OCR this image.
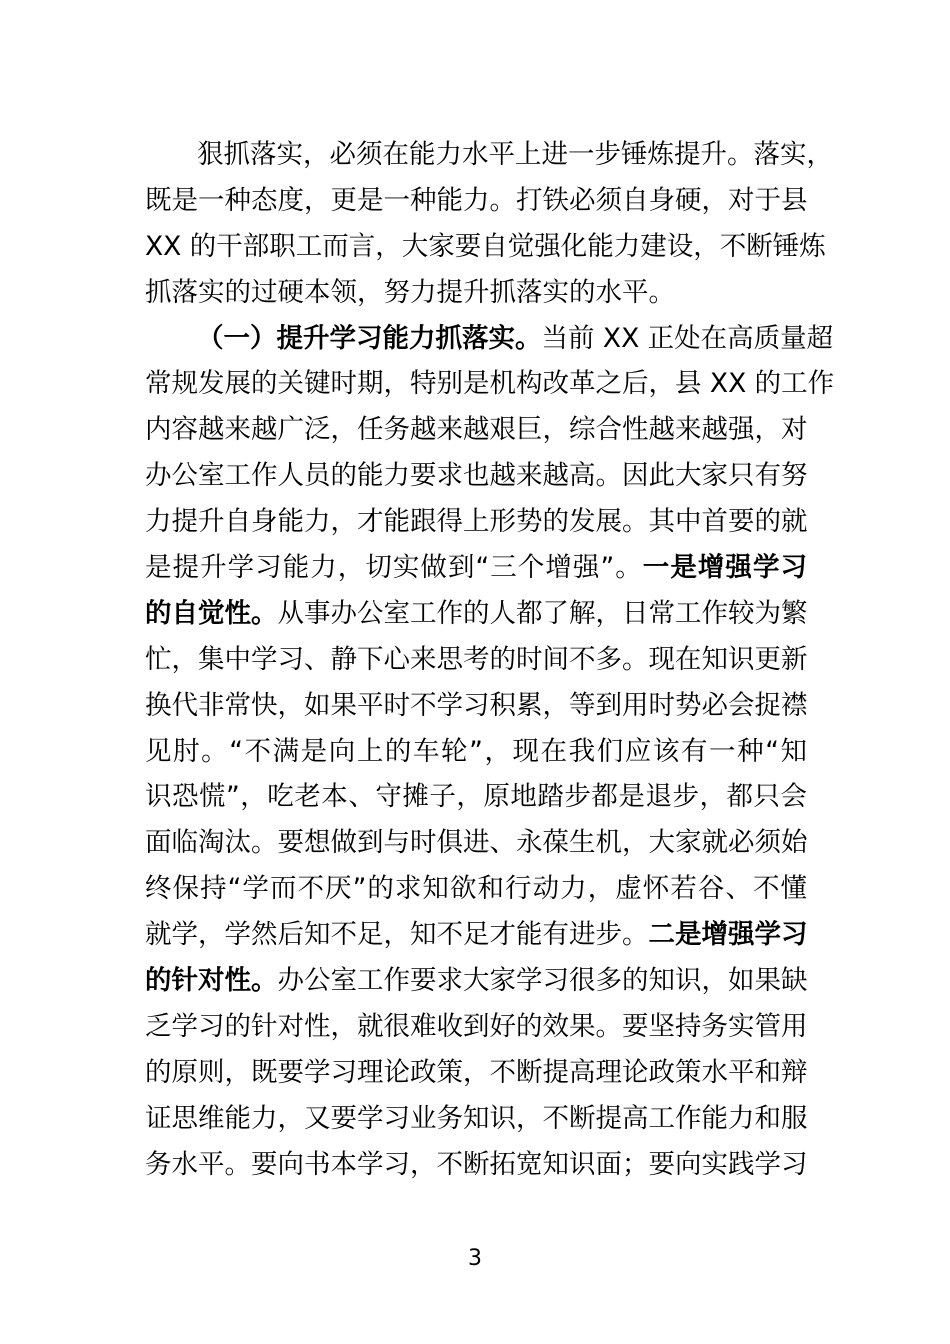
狠抓落实，必须在能力水平上进一步锤炼提升。落实，
既是一种态度，更是一种能力。打铁必须自身硬，对于县
XX 的干部职工而言，大家要自觉强化能力建设，不断锤炼
抓落实的过硬本领，努力提升抓落实的水平。
（一）提升学习能力抓落实。当前 XX 正处在高质量超
常规发展的关键时期，特别是机构改革之后，县 XX 的工作
内容越来越广泛，任务越来越艰巨，综合性越来越强，对
办公室工作人员的能力要求也越来越高。因此大家只有努
力提升自身能力，才能跟得上形势的发展。其中首要的就
是提升学习能力，切实做到“三个增强”。一是增强学习
的自觉性。从事办公室工作的人都了解，日常工作较为繁
忙，集中学习、静下心来思考的时间不多。现在知识更新
换代非常快，如果平时不学习积累，等到用时势必会捉襟
见肘。“不满是向上的车轮”，现在我们应该有一种“知
识恐慌”，吃老本、守摊子，原地踏步都是退步，都只会
面临淘汰。要想做到与时俱进、永葆生机，大家就必须始
终保持“学而不厌”的求知欲和行动力，虚怀若谷、不懂
就学，学然后知不足，知不足才能有进步。二是增强学习
的针对性。办公室工作要求大家学习很多的知识，如果缺
乏学习的针对性，就很难收到好的效果。要坚持务实管用
的原则，既要学习理论政策，不断提高理论政策水平和辩
证思维能力，又要学习业务知识，不断提高工作能力和服
务水平。要向书本学习，不断拓宽知识面；要向实践学习
3
